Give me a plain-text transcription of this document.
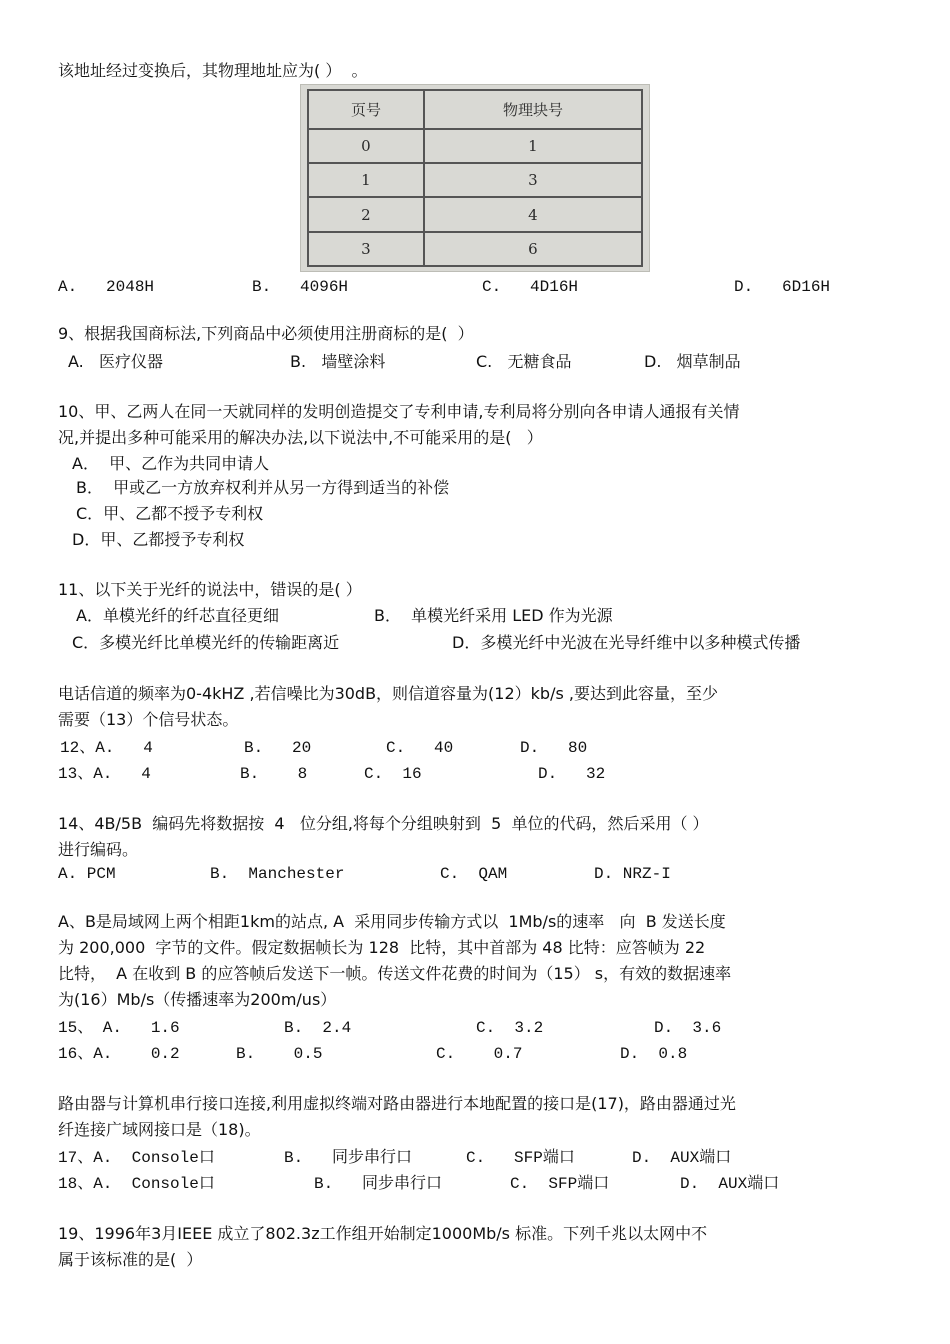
该地址经过变换后，其物理地址应为( ）  。
页号	物理块号
0	1
1	3
2	4
3	6
A.   2048H	B.   4096H	C.   4D16H	D.   6D16H
9、根据我国商标法,下列商品中必须使用注册商标的是(  ）
A.   医疗仪器	B.   墙壁涂料	C.   无糖食品	D.   烟草制品
10、甲、乙两人在同一天就同样的发明创造提交了专利申请,专利局将分别向各申请人通报有关情
况,并提出多种可能采用的解决办法,以下说法中,不可能采用的是(   ）
A．  甲、乙作为共同申请人
B．  甲或乙一方放弃权利并从另一方得到适当的补偿
C．甲、乙都不授予专利权
D．甲、乙都授予专利权
11、以下关于光纤的说法中，错误的是( ）
A．单模光纤的纤芯直径更细	B．  单模光纤采用 LED 作为光源
C．多模光纤比单模光纤的传输距离近	D．多模光纤中光波在光导纤维中以多种模式传播
电话信道的频率为0-4kHZ ,若信噪比为30dB，则信道容量为(12）kb/s ,要达到此容量，至少
需要（13）个信号状态。
12、A.   4	B.   20	C.   40	D.   80
13、A.   4	B.    8	C.  16	D.   32
14、4B/5B  编码先将数据按  4   位分组,将每个分组映射到  5  单位的代码，然后采用（ ）
进行编码。
A. PCM	B.  Manchester	C.  QAM	D. NRZ-I
A、B是局域网上两个相距1km的站点, A  采用同步传输方式以  1Mb/s的速率   向  B 发送长度
为 200,000  字节的文件。假定数据帧长为 128  比特，其中首部为 48 比特：应答帧为 22
比特，  A 在收到 B 的应答帧后发送下一帧。传送文件花费的时间为（15） s，有效的数据速率
为(16）Mb/s（传播速率为200m/us）
15、 A.   1.6	B.  2.4	C.  3.2	D.  3.6
16、A.    0.2	B.    0.5	C.    0.7	D.  0.8
路由器与计算机串行接口连接,利用虚拟终端对路由器进行本地配置的接口是(17)，路由器通过光
纤连接广域网接口是（18)。
17、A.  Console口	B.   同步串行口	C.   SFP端口	D.  AUX端口
18、A.  Console口	B.   同步串行口	C.  SFP端口	D.  AUX端口
19、1996年3月IEEE 成立了802.3z工作组开始制定1000Mb/s 标准。下列千兆以太网中不
属于该标准的是(  ）
